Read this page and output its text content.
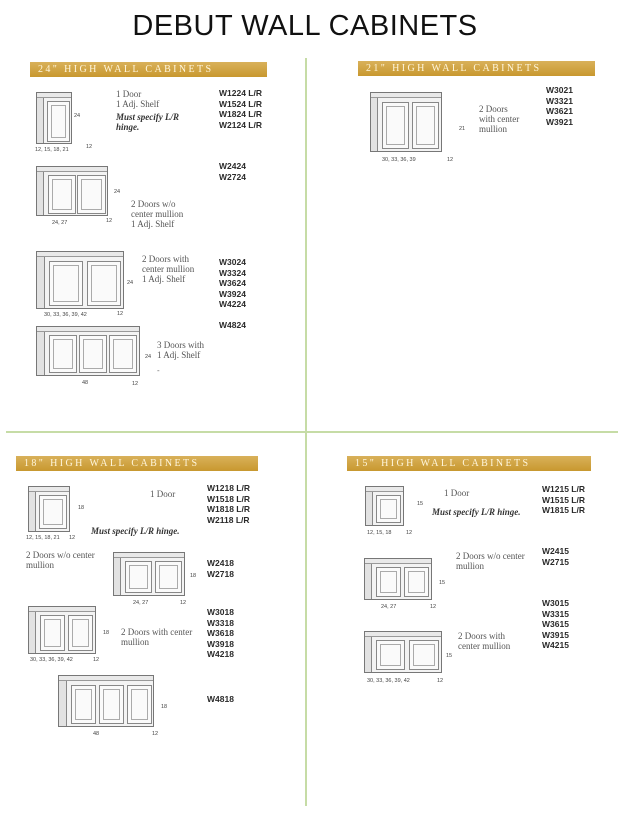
DEBUT WALL CABINETS
24" HIGH WALL CABINETS
24
12, 15, 18, 21	12
1 Door
1 Adj. Shelf
Must specify L/R
hinge.
W1224 L/R
W1524 L/R
W1824 L/R
W2124 L/R
24
24, 27	12
2 Doors w/o
center mullion
1 Adj. Shelf
W2424
W2724
24
30, 33, 36, 39, 42	12
2 Doors with
center mullion
1 Adj. Shelf
W3024
W3324
W3624
W3924
W4224
24
48	12
3 Doors with
1 Adj. Shelf
-
W4824
21" HIGH WALL CABINETS
21
30, 33, 36, 39	12
2 Doors
with center
mullion
W3021
W3321
W3621
W3921
18" HIGH WALL CABINETS
18
12, 15, 18, 21 12
1 Door
Must specify L/R hinge.
W1218 L/R
W1518 L/R
W1818 L/R
W2118 L/R
2 Doors w/o center
mullion
18
24, 27	12
W2418
W2718
18
30, 33, 36, 39, 42	12
2 Doors with center
mullion
W3018
W3318
W3618
W3918
W4218
18
48	12
W4818
15" HIGH WALL CABINETS
15
12, 15, 18	12
1 Door
Must specify L/R hinge.
W1215 L/R
W1515 L/R
W1815 L/R
15
24, 27	12
2 Doors w/o center
mullion
W2415
W2715
15
30, 33, 36, 39, 42	12
2 Doors with
center mullion
W3015
W3315
W3615
W3915
W4215
